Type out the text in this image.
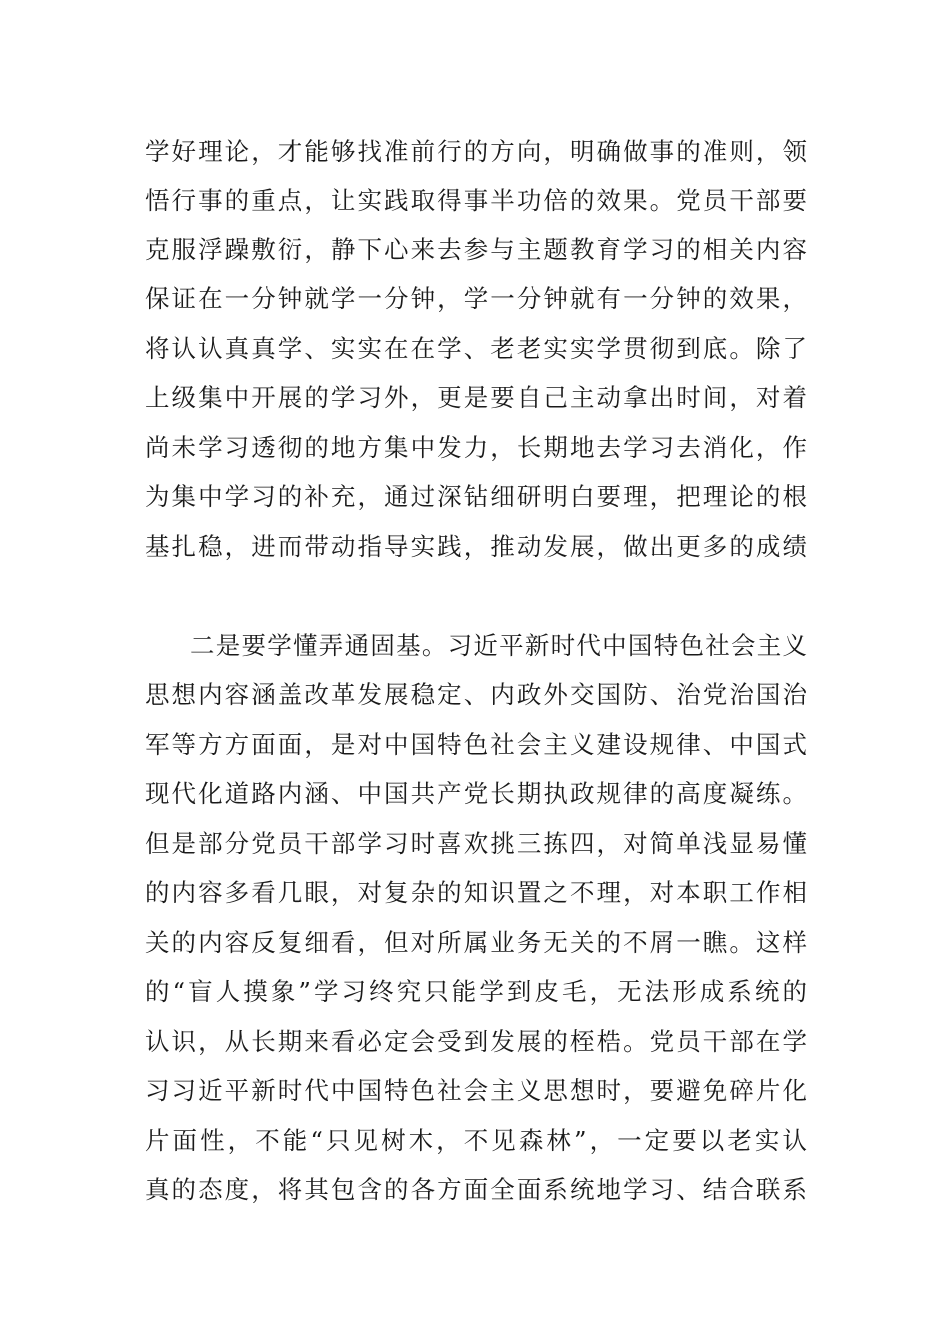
学好理论，才能够找准前行的方向，明确做事的准则，领
悟行事的重点，让实践取得事半功倍的效果。党员干部要
克服浮躁敷衍，静下心来去参与主题教育学习的相关内容
保证在一分钟就学一分钟，学一分钟就有一分钟的效果，
将认认真真学、实实在在学、老老实实学贯彻到底。除了
上级集中开展的学习外，更是要自己主动拿出时间，对着
尚未学习透彻的地方集中发力，长期地去学习去消化，作
为集中学习的补充，通过深钻细研明白要理，把理论的根
基扎稳，进而带动指导实践，推动发展，做出更多的成绩
二是要学懂弄通固基。习近平新时代中国特色社会主义
思想内容涵盖改革发展稳定、内政外交国防、治党治国治
军等方方面面，是对中国特色社会主义建设规律、中国式
现代化道路内涵、中国共产党长期执政规律的高度凝练。
但是部分党员干部学习时喜欢挑三拣四，对简单浅显易懂
的内容多看几眼，对复杂的知识置之不理，对本职工作相
关的内容反复细看，但对所属业务无关的不屑一瞧。这样
的“盲人摸象”学习终究只能学到皮毛，无法形成系统的
认识，从长期来看必定会受到发展的桎梏。党员干部在学
习习近平新时代中国特色社会主义思想时，要避免碎片化
片面性，不能“只见树木，不见森林”，一定要以老实认
真的态度，将其包含的各方面全面系统地学习、结合联系
